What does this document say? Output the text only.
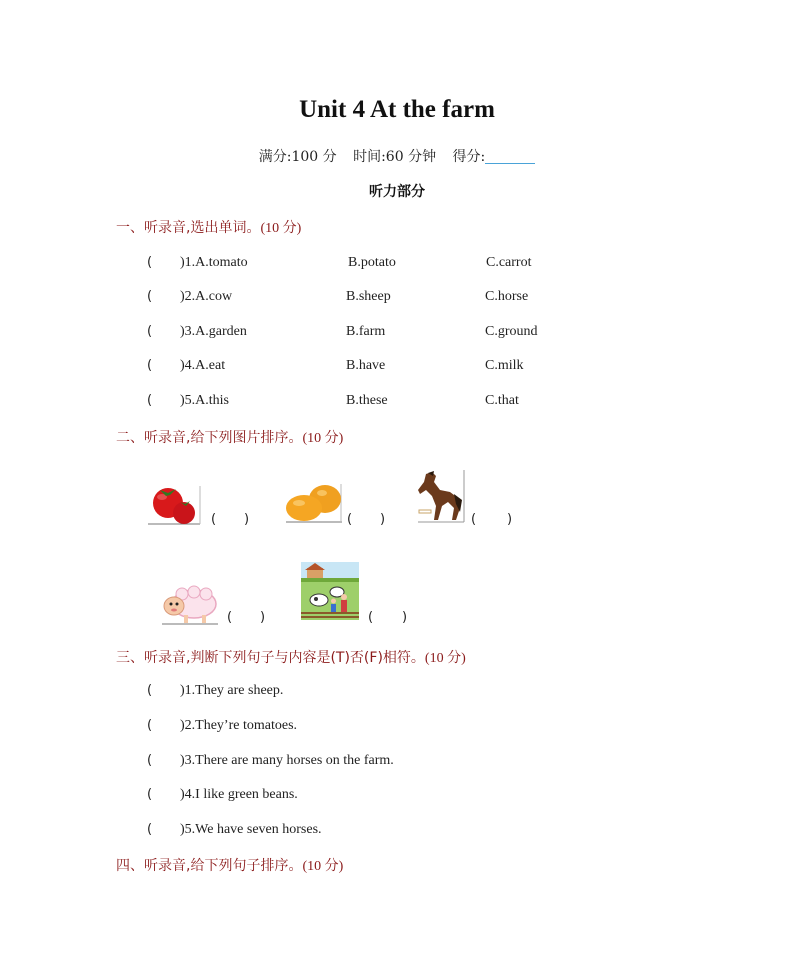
Unit 4 At the farm
满分:100 分 时间:60 分钟 得分:
听力部分
一、听录音,选出单词。(10 分)
( )1.A.tomato	B.potato	C.carrot
( )2.A.cow	B.sheep	C.horse
( )3.A.garden	B.farm	C.ground
( )4.A.eat	B.have	C.milk
( )5.A.this	B.these	C.that
二、听录音,给下列图片排序。(10 分)
( )	( )	( )
( )	( )
三、听录音,判断下列句子与内容是(T)否(F)相符。(10 分)
( )1.They are sheep.
( )2.They’re tomatoes.
( )3.There are many horses on the farm.
( )4.I like green beans.
( )5.We have seven horses.
四、听录音,给下列句子排序。(10 分)
